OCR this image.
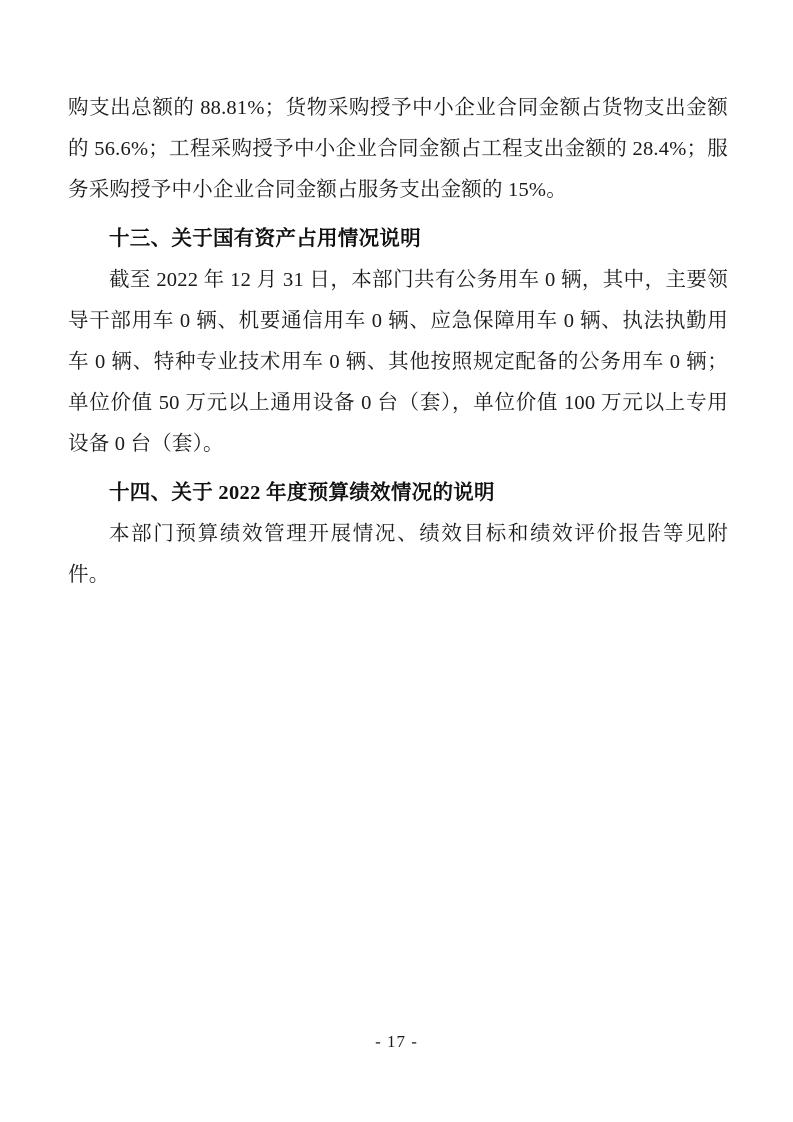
购支出总额的 88.81%；货物采购授予中小企业合同金额占货物支出金额的 56.6%；工程采购授予中小企业合同金额占工程支出金额的 28.4%；服务采购授予中小企业合同金额占服务支出金额的 15%。

十三、关于国有资产占用情况说明

截至 2022 年 12 月 31 日，本部门共有公务用车 0 辆，其中，主要领导干部用车 0 辆、机要通信用车 0 辆、应急保障用车 0 辆、执法执勤用车 0 辆、特种专业技术用车 0 辆、其他按照规定配备的公务用车 0 辆；单位价值 50 万元以上通用设备 0 台（套），单位价值 100 万元以上专用设备 0 台（套）。

十四、关于 2022 年度预算绩效情况的说明

本部门预算绩效管理开展情况、绩效目标和绩效评价报告等见附件。

- 17 -
